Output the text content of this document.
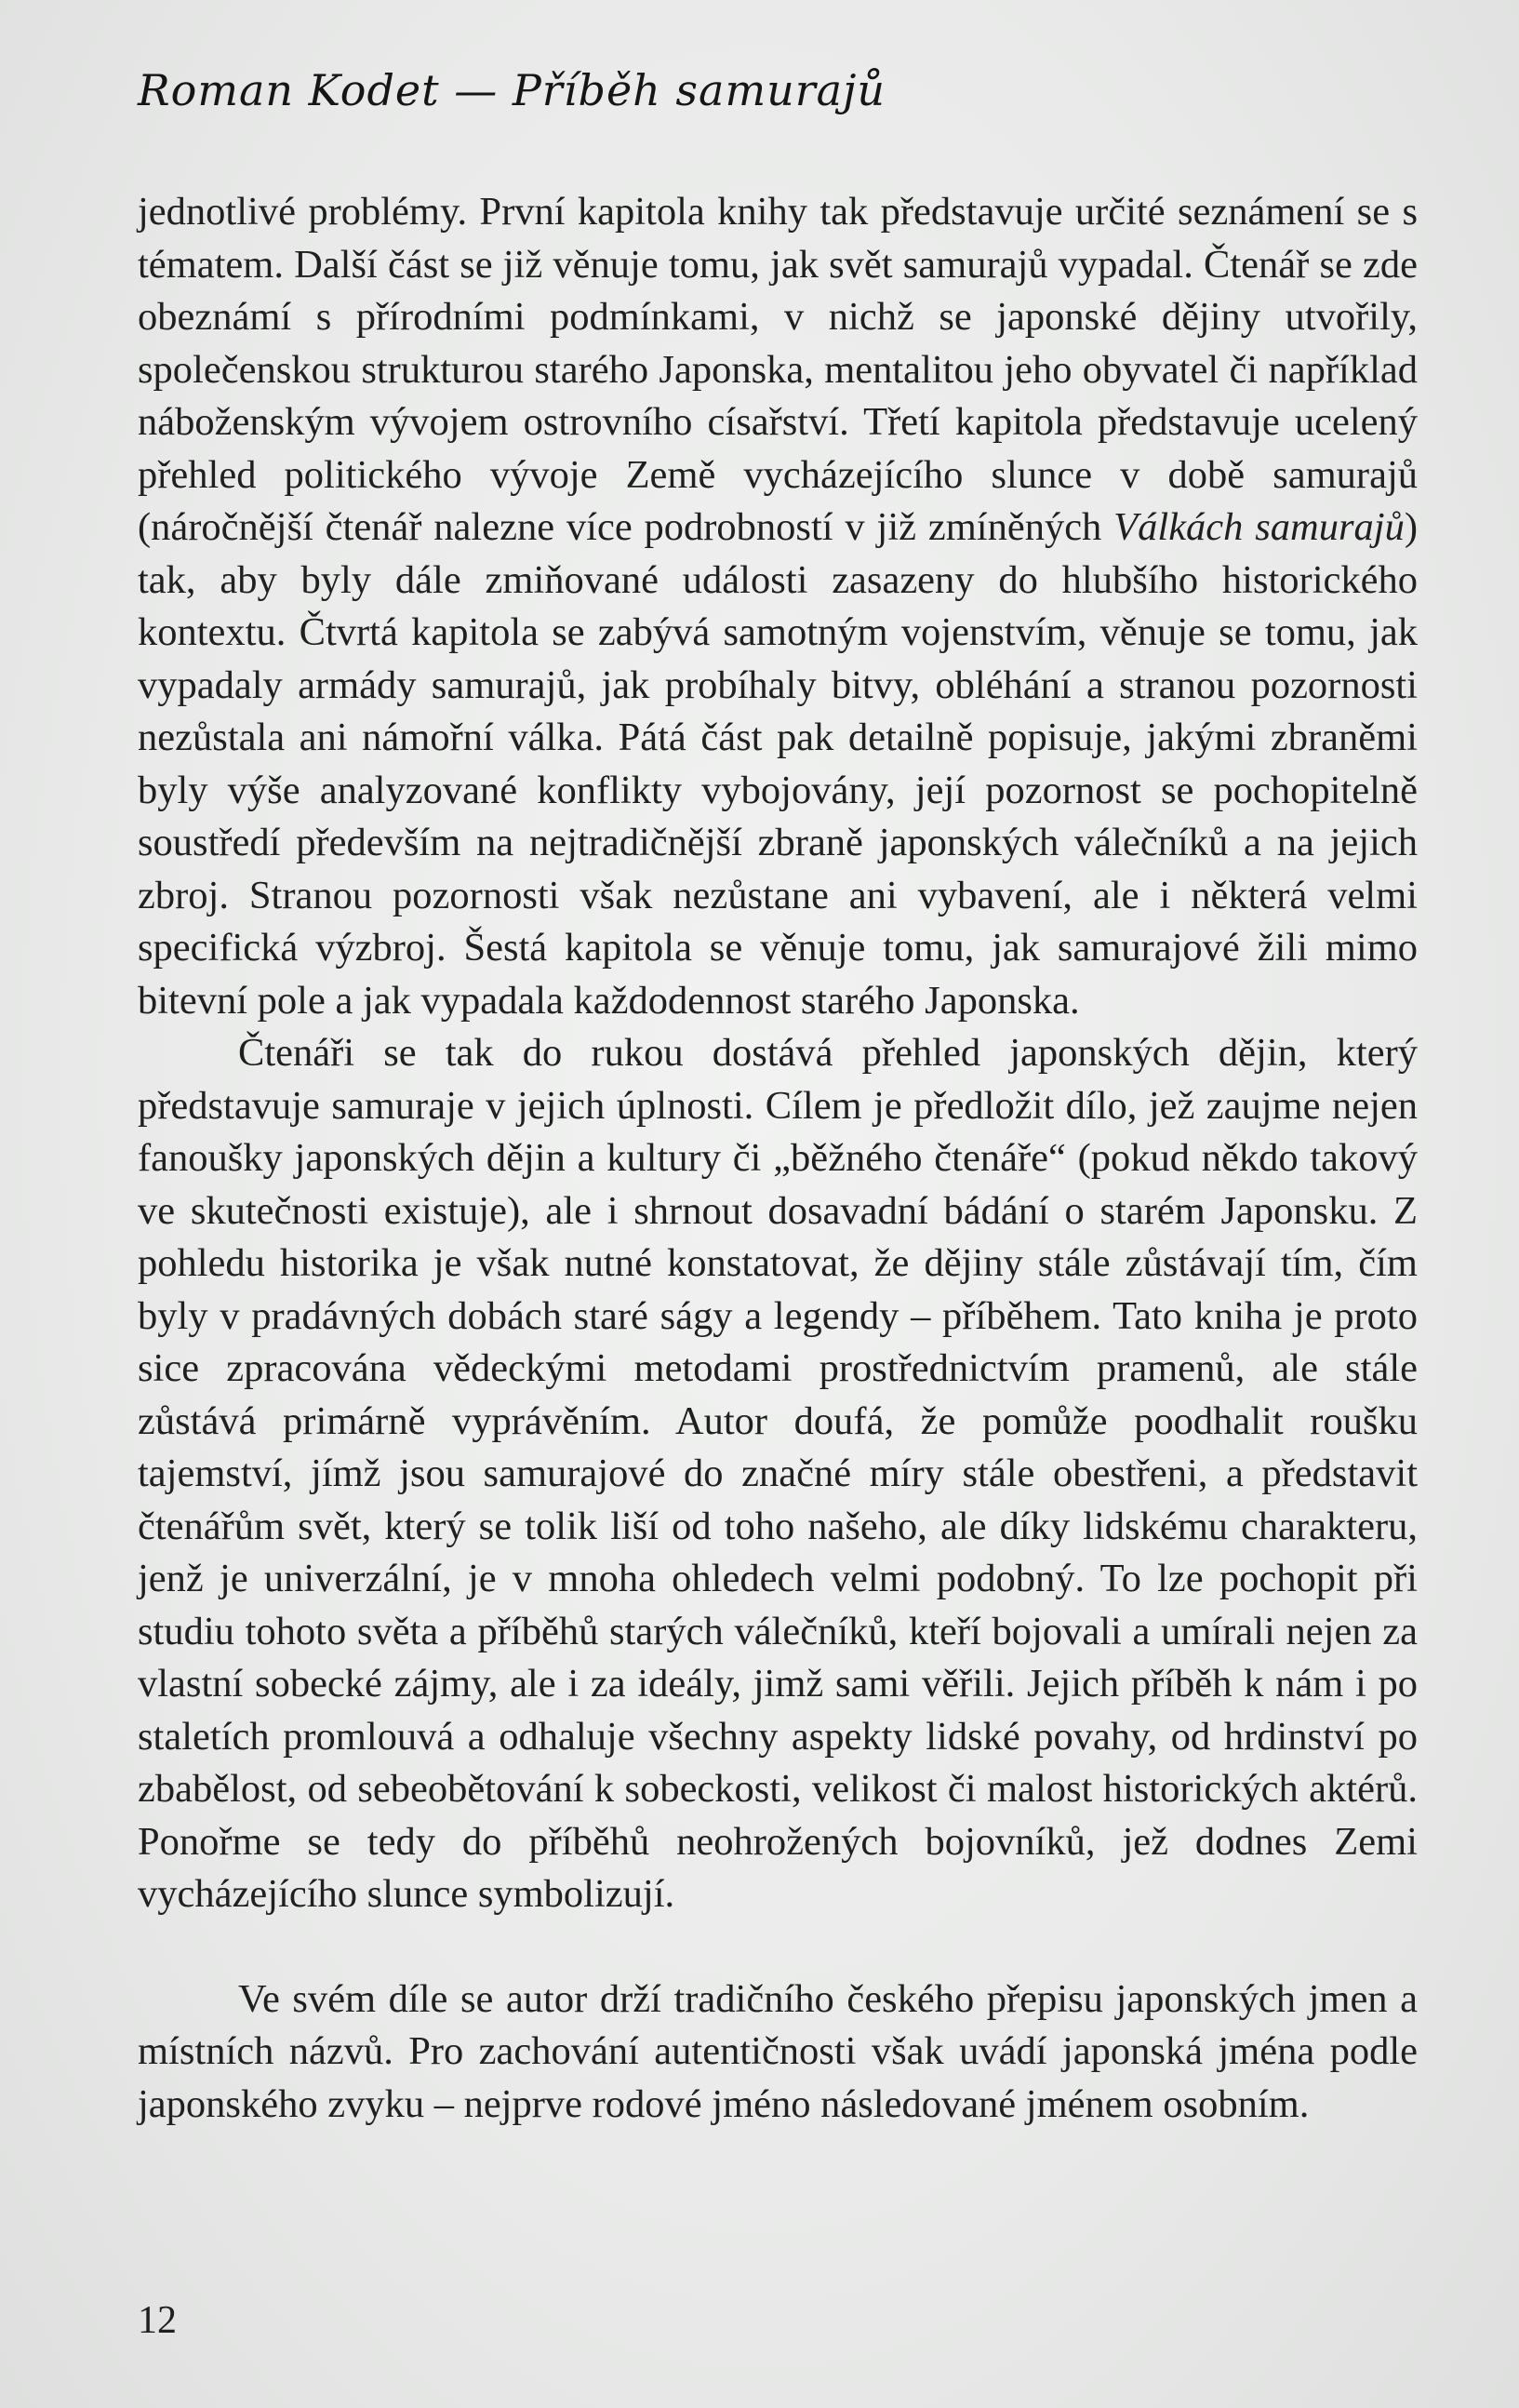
Roman Kodet — Příběh samurajů

jednotlivé problémy. První kapitola knihy tak představuje určité seznámení se s tématem. Další část se již věnuje tomu, jak svět samurajů vypadal. Čtenář se zde obeznámí s přírodními podmínkami, v nichž se japonské dějiny utvořily, společenskou strukturou starého Japonska, mentalitou jeho obyvatel či například náboženským vývojem ostrovního císařství. Třetí kapitola představuje ucelený přehled politického vývoje Země vycházejícího slunce v době samurajů (náročnější čtenář nalezne více podrobností v již zmíněných Válkách samurajů) tak, aby byly dále zmiňované události zasazeny do hlubšího historického kontextu. Čtvrtá kapitola se zabývá samotným vojenstvím, věnuje se tomu, jak vypadaly armády samurajů, jak probíhaly bitvy, obléhání a stranou pozornosti nezůstala ani námořní válka. Pátá část pak detailně popisuje, jakými zbraněmi byly výše analyzované konflikty vybojovány, její pozornost se pochopitelně soustředí především na nejtradičnější zbraně japonských válečníků a na jejich zbroj. Stranou pozornosti však nezůstane ani vybavení, ale i některá velmi specifická výzbroj. Šestá kapitola se věnuje tomu, jak samurajové žili mimo bitevní pole a jak vypadala každodennost starého Japonska.

Čtenáři se tak do rukou dostává přehled japonských dějin, který představuje samuraje v jejich úplnosti. Cílem je předložit dílo, jež zaujme nejen fanoušky japonských dějin a kultury či „běžného čtenáře“ (pokud někdo takový ve skutečnosti existuje), ale i shrnout dosavadní bádání o starém Japonsku. Z pohledu historika je však nutné konstatovat, že dějiny stále zůstávají tím, čím byly v pradávných dobách staré ságy a legendy – příběhem. Tato kniha je proto sice zpracována vědeckými metodami prostřednictvím pramenů, ale stále zůstává primárně vyprávěním. Autor doufá, že pomůže poodhalit roušku tajemství, jímž jsou samurajové do značné míry stále obestřeni, a představit čtenářům svět, který se tolik liší od toho našeho, ale díky lidskému charakteru, jenž je univerzální, je v mnoha ohledech velmi podobný. To lze pochopit při studiu tohoto světa a příběhů starých válečníků, kteří bojovali a umírali nejen za vlastní sobecké zájmy, ale i za ideály, jimž sami věřili. Jejich příběh k nám i po staletích promlouvá a odhaluje všechny aspekty lidské povahy, od hrdinství po zbabělost, od sebeobětování k sobeckosti, velikost či malost historických aktérů. Ponořme se tedy do příběhů neohrožených bojovníků, jež dodnes Zemi vycházejícího slunce symbolizují.

Ve svém díle se autor drží tradičního českého přepisu japonských jmen a místních názvů. Pro zachování autentičnosti však uvádí japonská jména podle japonského zvyku – nejprve rodové jméno následované jménem osobním.

12
